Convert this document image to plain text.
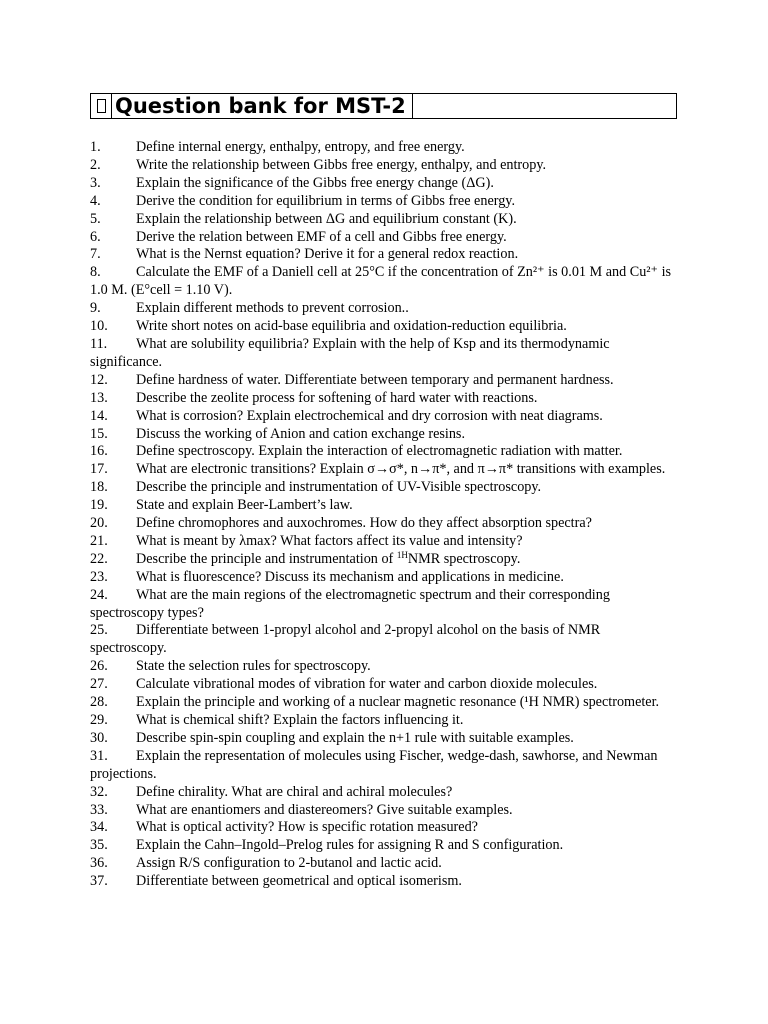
Question bank for MST-2
1. Define internal energy, enthalpy, entropy, and free energy.
2. Write the relationship between Gibbs free energy, enthalpy, and entropy.
3. Explain the significance of the Gibbs free energy change (ΔG).
4. Derive the condition for equilibrium in terms of Gibbs free energy.
5. Explain the relationship between ΔG and equilibrium constant (K).
6. Derive the relation between EMF of a cell and Gibbs free energy.
7. What is the Nernst equation? Derive it for a general redox reaction.
8. Calculate the EMF of a Daniell cell at 25°C if the concentration of Zn²⁺ is 0.01 M and Cu²⁺ is 1.0 M. (E°cell = 1.10 V).
9. Explain different methods to prevent corrosion..
10. Write short notes on acid-base equilibria and oxidation-reduction equilibria.
11. What are solubility equilibria? Explain with the help of Ksp and its thermodynamic significance.
12. Define hardness of water. Differentiate between temporary and permanent hardness.
13. Describe the zeolite process for softening of hard water with reactions.
14. What is corrosion? Explain electrochemical and dry corrosion with neat diagrams.
15. Discuss the working of Anion and cation exchange resins.
16. Define spectroscopy. Explain the interaction of electromagnetic radiation with matter.
17. What are electronic transitions? Explain σ→σ*, n→π*, and π→π* transitions with examples.
18. Describe the principle and instrumentation of UV-Visible spectroscopy.
19. State and explain Beer-Lambert’s law.
20. Define chromophores and auxochromes. How do they affect absorption spectra?
21. What is meant by λmax? What factors affect its value and intensity?
22. Describe the principle and instrumentation of $^{1H}$NMR spectroscopy.
23. What is fluorescence? Discuss its mechanism and applications in medicine.
24. What are the main regions of the electromagnetic spectrum and their corresponding spectroscopy types?
25. Differentiate between 1-propyl alcohol and 2-propyl alcohol on the basis of NMR spectroscopy.
26. State the selection rules for spectroscopy.
27. Calculate vibrational modes of vibration for water and carbon dioxide molecules.
28. Explain the principle and working of a nuclear magnetic resonance (¹H NMR) spectrometer.
29. What is chemical shift? Explain the factors influencing it.
30. Describe spin-spin coupling and explain the n+1 rule with suitable examples.
31. Explain the representation of molecules using Fischer, wedge-dash, sawhorse, and Newman projections.
32. Define chirality. What are chiral and achiral molecules?
33. What are enantiomers and diastereomers? Give suitable examples.
34. What is optical activity? How is specific rotation measured?
35. Explain the Cahn–Ingold–Prelog rules for assigning R and S configuration.
36. Assign R/S configuration to 2-butanol and lactic acid.
37. Differentiate between geometrical and optical isomerism.
